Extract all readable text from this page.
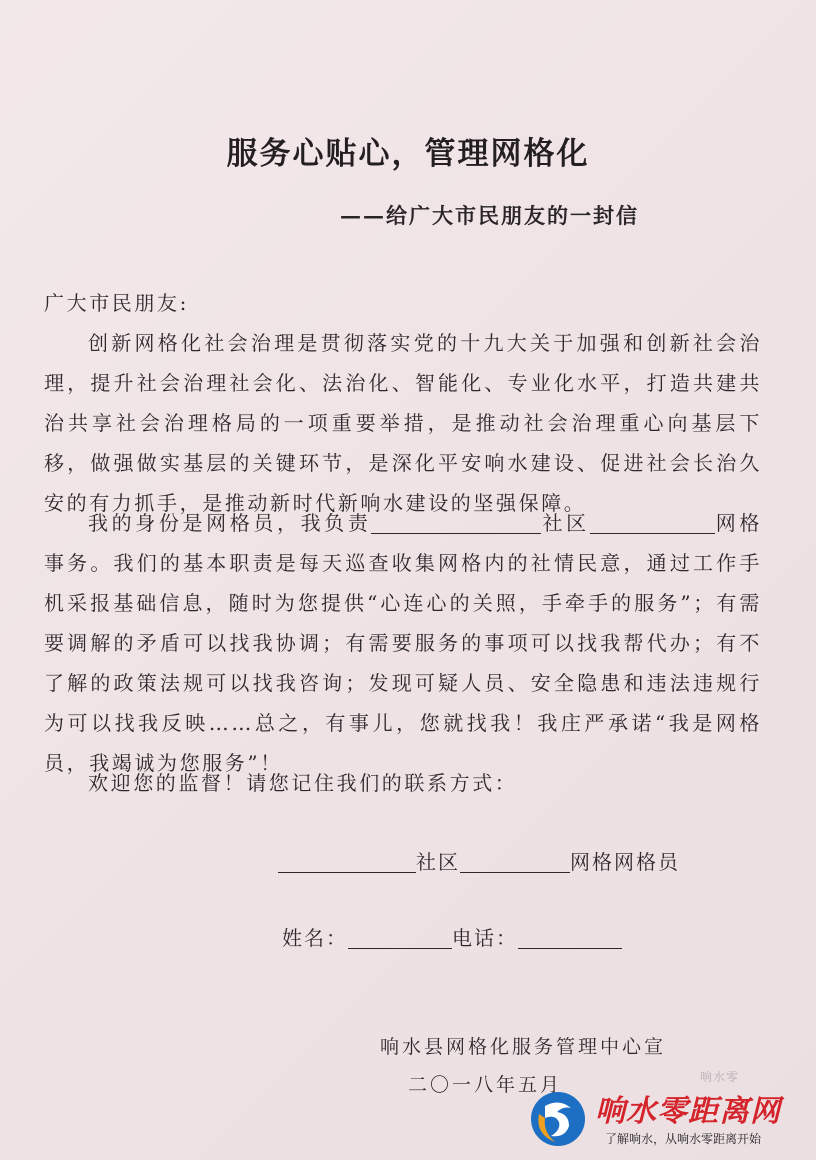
服务心贴心，管理网格化
——给广大市民朋友的一封信
广大市民朋友:
创新网格化社会治理是贯彻落实党的十九大关于加强和创新社会治理，提升社会治理社会化、法治化、智能化、专业化水平，打造共建共治共享社会治理格局的一项重要举措，是推动社会治理重心向基层下移，做强做实基层的关键环节，是深化平安响水建设、促进社会长治久安的有力抓手，是推动新时代新响水建设的坚强保障。
我的身份是网格员，我负责	社区	网格事务。我们的基本职责是每天巡查收集网格内的社情民意，通过工作手机采报基础信息，随时为您提供“心连心的关照，手牵手的服务”；有需要调解的矛盾可以找我协调；有需要服务的事项可以找我帮代办；有不了解的政策法规可以找我咨询；发现可疑人员、安全隐患和违法违规行为可以找我反映……总之，有事儿，您就找我！我庄严承诺“我是网格员，我竭诚为您服务”！
欢迎您的监督！请您记住我们的联系方式：
社区	网格网格员
姓名：	电话：
响水县网格化服务管理中心宣
二〇一八年五月	响水零
响水零距离网
了解响水，从响水零距离开始
